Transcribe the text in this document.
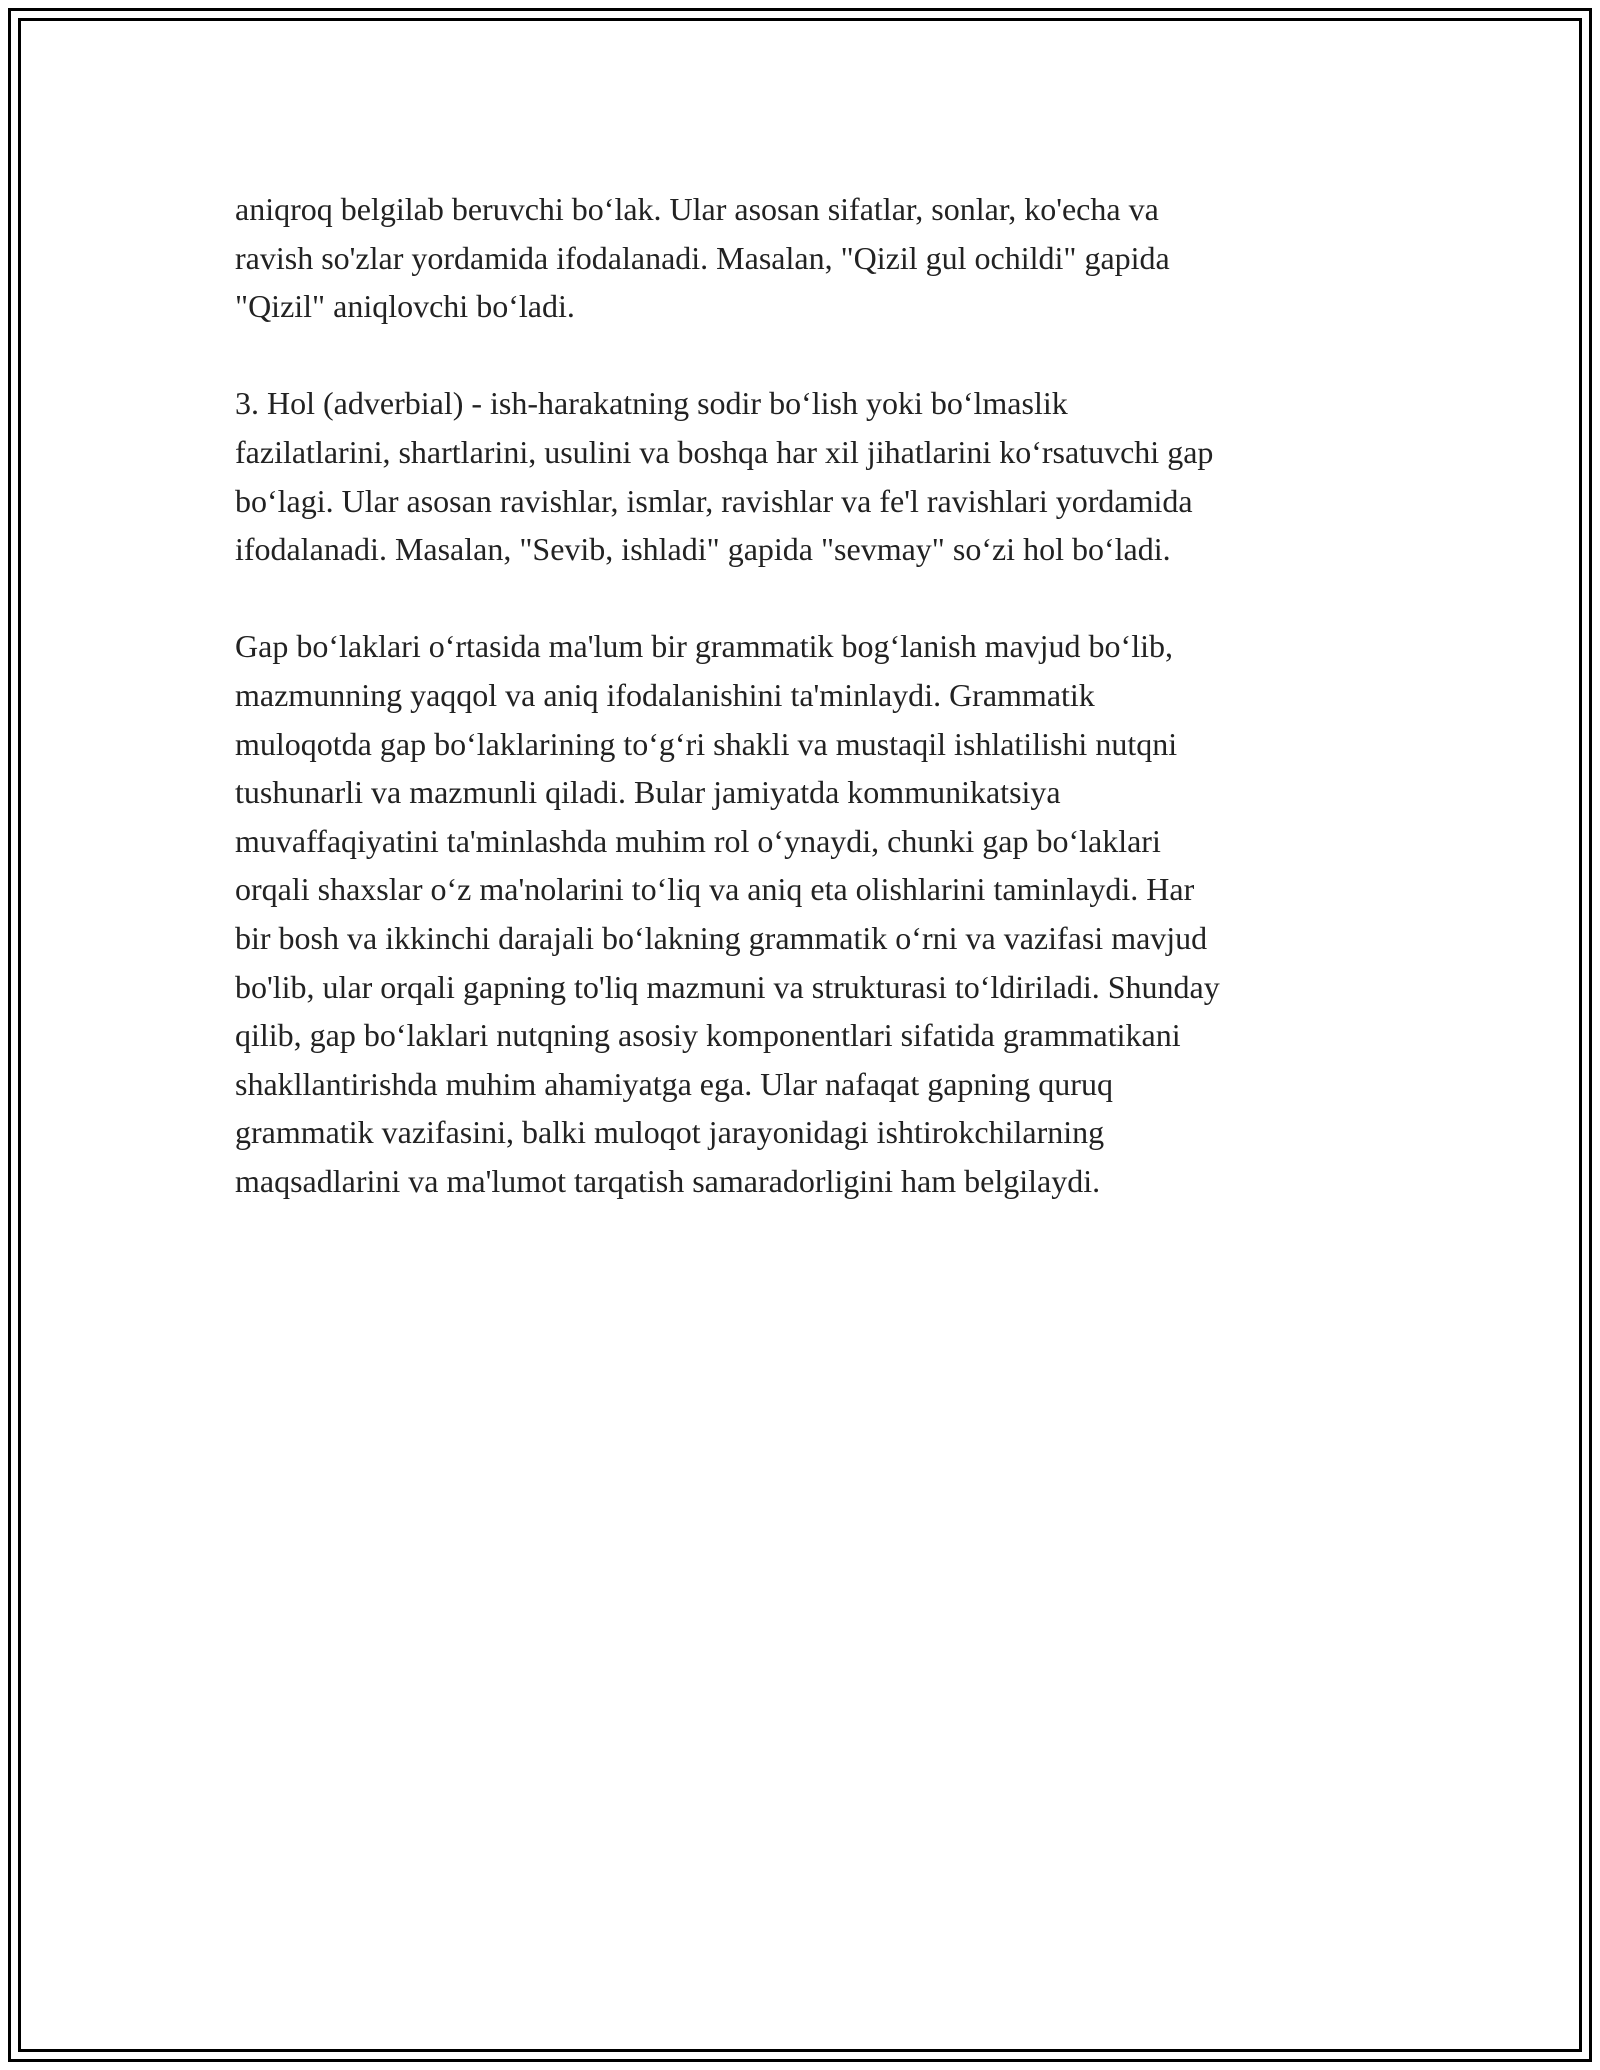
aniqroq belgilab beruvchi bo‘lak. Ular asosan sifatlar, sonlar, ko'echa va
ravish so'zlar yordamida ifodalanadi. Masalan, "Qizil gul ochildi" gapida
"Qizil" aniqlovchi bo‘ladi.

3. Hol (adverbial) - ish-harakatning sodir bo‘lish yoki bo‘lmaslik
fazilatlarini, shartlarini, usulini va boshqa har xil jihatlarini ko‘rsatuvchi gap
bo‘lagi. Ular asosan ravishlar, ismlar, ravishlar va fe'l ravishlari yordamida
ifodalanadi. Masalan, "Sevib, ishladi" gapida "sevmay" so‘zi hol bo‘ladi.

Gap bo‘laklari o‘rtasida ma'lum bir grammatik bog‘lanish mavjud bo‘lib,
mazmunning yaqqol va aniq ifodalanishini ta'minlaydi. Grammatik
muloqotda gap bo‘laklarining to‘g‘ri shakli va mustaqil ishlatilishi nutqni
tushunarli va mazmunli qiladi. Bular jamiyatda kommunikatsiya
muvaffaqiyatini ta'minlashda muhim rol o‘ynaydi, chunki gap bo‘laklari
orqali shaxslar o‘z ma'nolarini to‘liq va aniq eta olishlarini taminlaydi. Har
bir bosh va ikkinchi darajali bo‘lakning grammatik o‘rni va vazifasi mavjud
bo'lib, ular orqali gapning to'liq mazmuni va strukturasi to‘ldiriladi. Shunday
qilib, gap bo‘laklari nutqning asosiy komponentlari sifatida grammatikani
shakllantirishda muhim ahamiyatga ega. Ular nafaqat gapning quruq
grammatik vazifasini, balki muloqot jarayonidagi ishtirokchilarning
maqsadlarini va ma'lumot tarqatish samaradorligini ham belgilaydi.
